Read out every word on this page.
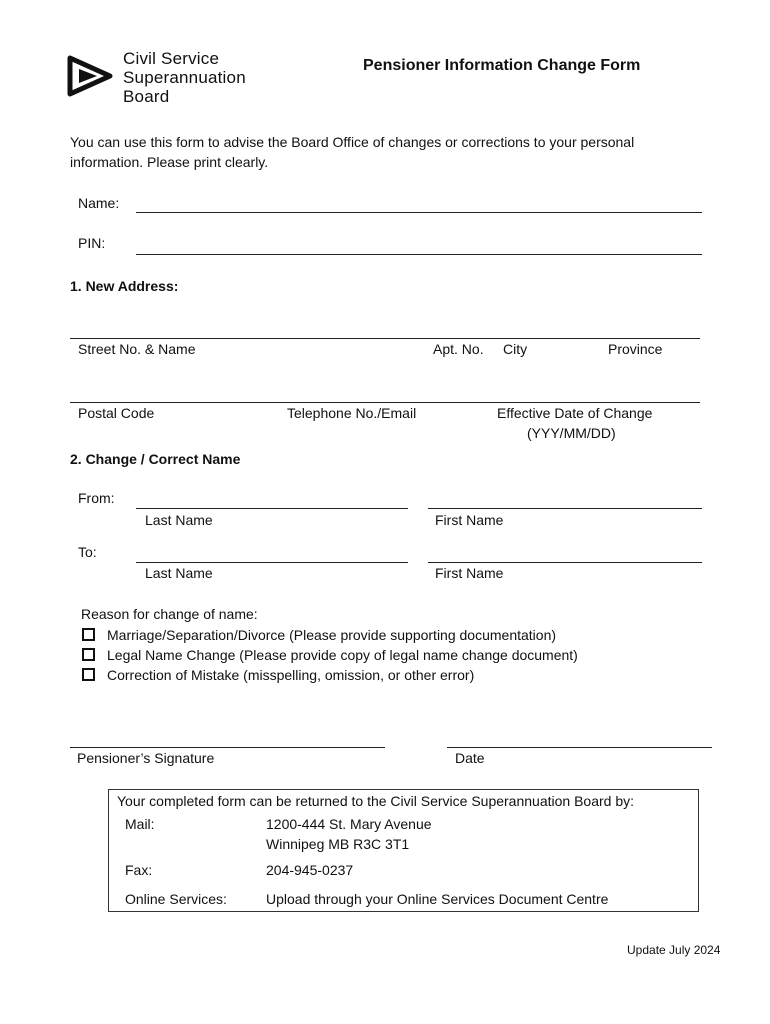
Civil Service
Superannuation
Board
Pensioner Information Change Form
You can use this form to advise the Board Office of changes or corrections to your personal
information. Please print clearly.
Name:
PIN:
1. New Address:
Street No. & Name	Apt. No. City	Province
Postal Code	Telephone No./Email	Effective Date of Change
(YYY/MM/DD)
2. Change / Correct Name
From:
Last Name	First Name
To:
Last Name	First Name
Reason for change of name:
Marriage/Separation/Divorce (Please provide supporting documentation)
Legal Name Change (Please provide copy of legal name change document)
Correction of Mistake (misspelling, omission, or other error)
Pensioner’s Signature	Date
Your completed form can be returned to the Civil Service Superannuation Board by:
Mail:	1200-444 St. Mary Avenue
Winnipeg MB R3C 3T1
Fax:	204-945-0237
Online Services:	Upload through your Online Services Document Centre
Update July 2024
